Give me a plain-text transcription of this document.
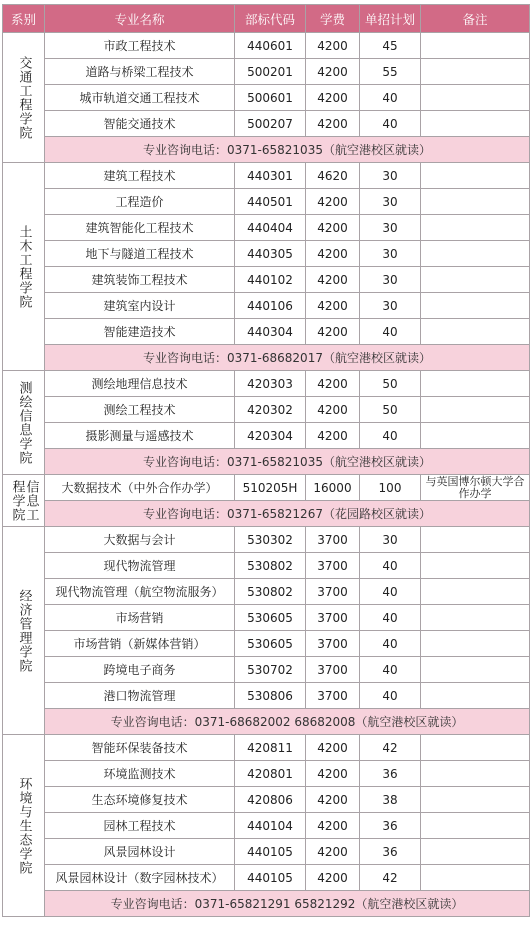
系别	专业名称	部标代码	学费	单招计划	备注
交通工程学院	市政工程技术	440601	4200	45	
	道路与桥梁工程技术	500201	4200	55	
	城市轨道交通工程技术	500601	4200	40	
	智能交通技术	500207	4200	40	
	专业咨询电话：0371-65821035（航空港校区就读）				
土木工程学院	建筑工程技术	440301	4620	30	
	工程造价	440501	4200	30	
	建筑智能化工程技术	440404	4200	30	
	地下与隧道工程技术	440305	4200	30	
	建筑装饰工程技术	440102	4200	30	
	建筑室内设计	440106	4200	30	
	智能建造技术	440304	4200	40	
	专业咨询电话：0371-68682017（航空港校区就读）				
测绘信息学院	测绘地理信息技术	420303	4200	50	
	测绘工程技术	420302	4200	50	
	摄影测量与遥感技术	420304	4200	40	
	专业咨询电话：0371-65821035（航空港校区就读）				
信息工程学院	大数据技术（中外合作办学）	510205H	16000	100	与英国博尔顿大学合作办学
	专业咨询电话：0371-65821267（花园路校区就读）				
经济管理学院	大数据与会计	530302	3700	30	
	现代物流管理	530802	3700	40	
	现代物流管理（航空物流服务）	530802	3700	40	
	市场营销	530605	3700	40	
	市场营销（新媒体营销）	530605	3700	40	
	跨境电子商务	530702	3700	40	
	港口物流管理	530806	3700	40	
	专业咨询电话：0371-68682002 68682008（航空港校区就读）				
环境与生态学院	智能环保装备技术	420811	4200	42	
	环境监测技术	420801	4200	36	
	生态环境修复技术	420806	4200	38	
	园林工程技术	440104	4200	36	
	风景园林设计	440105	4200	36	
	风景园林设计（数字园林技术）	440105	4200	42	
	专业咨询电话：0371-65821291 65821292（航空港校区就读）				
